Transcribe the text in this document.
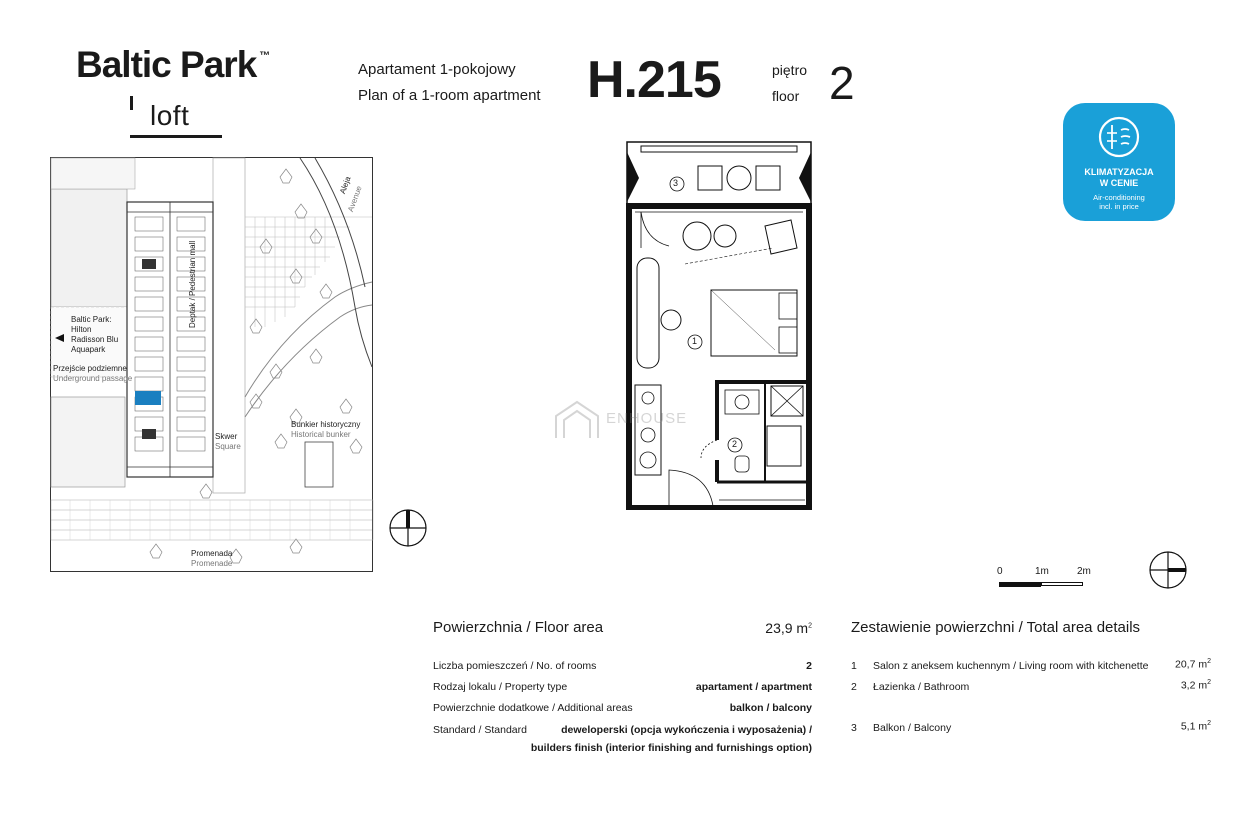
Baltic Park ™
loft
Apartament 1-pokojowy
Plan of a 1-room apartment H.215	piętro
floor 2
KLIMATYZACJA
W CENIE
Air-conditioning
incl. in price
Baltic Park:
Hilton
Radisson Blu
Aquapark
Przejście podziemne
Underground passage
Deptak / Pedestrian mall
Aleja
Avenue
Skwer
Square
Bunkier historyczny
Historical bunker
Promenada
Promenade
3
1
2
ENHOUSE
0	1m	2m
Powierzchnia / Floor area	23,9 $m^2$
Liczba pomieszczeń / No. of rooms	2
Rodzaj lokalu / Property type	apartament / apartment
Powierzchnie dodatkowe / Additional areas	balkon / balcony
Standard / Standard	deweloperski (opcja wykończenia i wyposażenia) /
builders finish (interior finishing and furnishings option)
Zestawienie powierzchni / Total area details
1 Salon z aneksem kuchennym / Living room with kitchenette	20,7 $m^2$
2 Łazienka / Bathroom	3,2 $m^2$
3 Balkon / Balcony	5,1 $m^2$
